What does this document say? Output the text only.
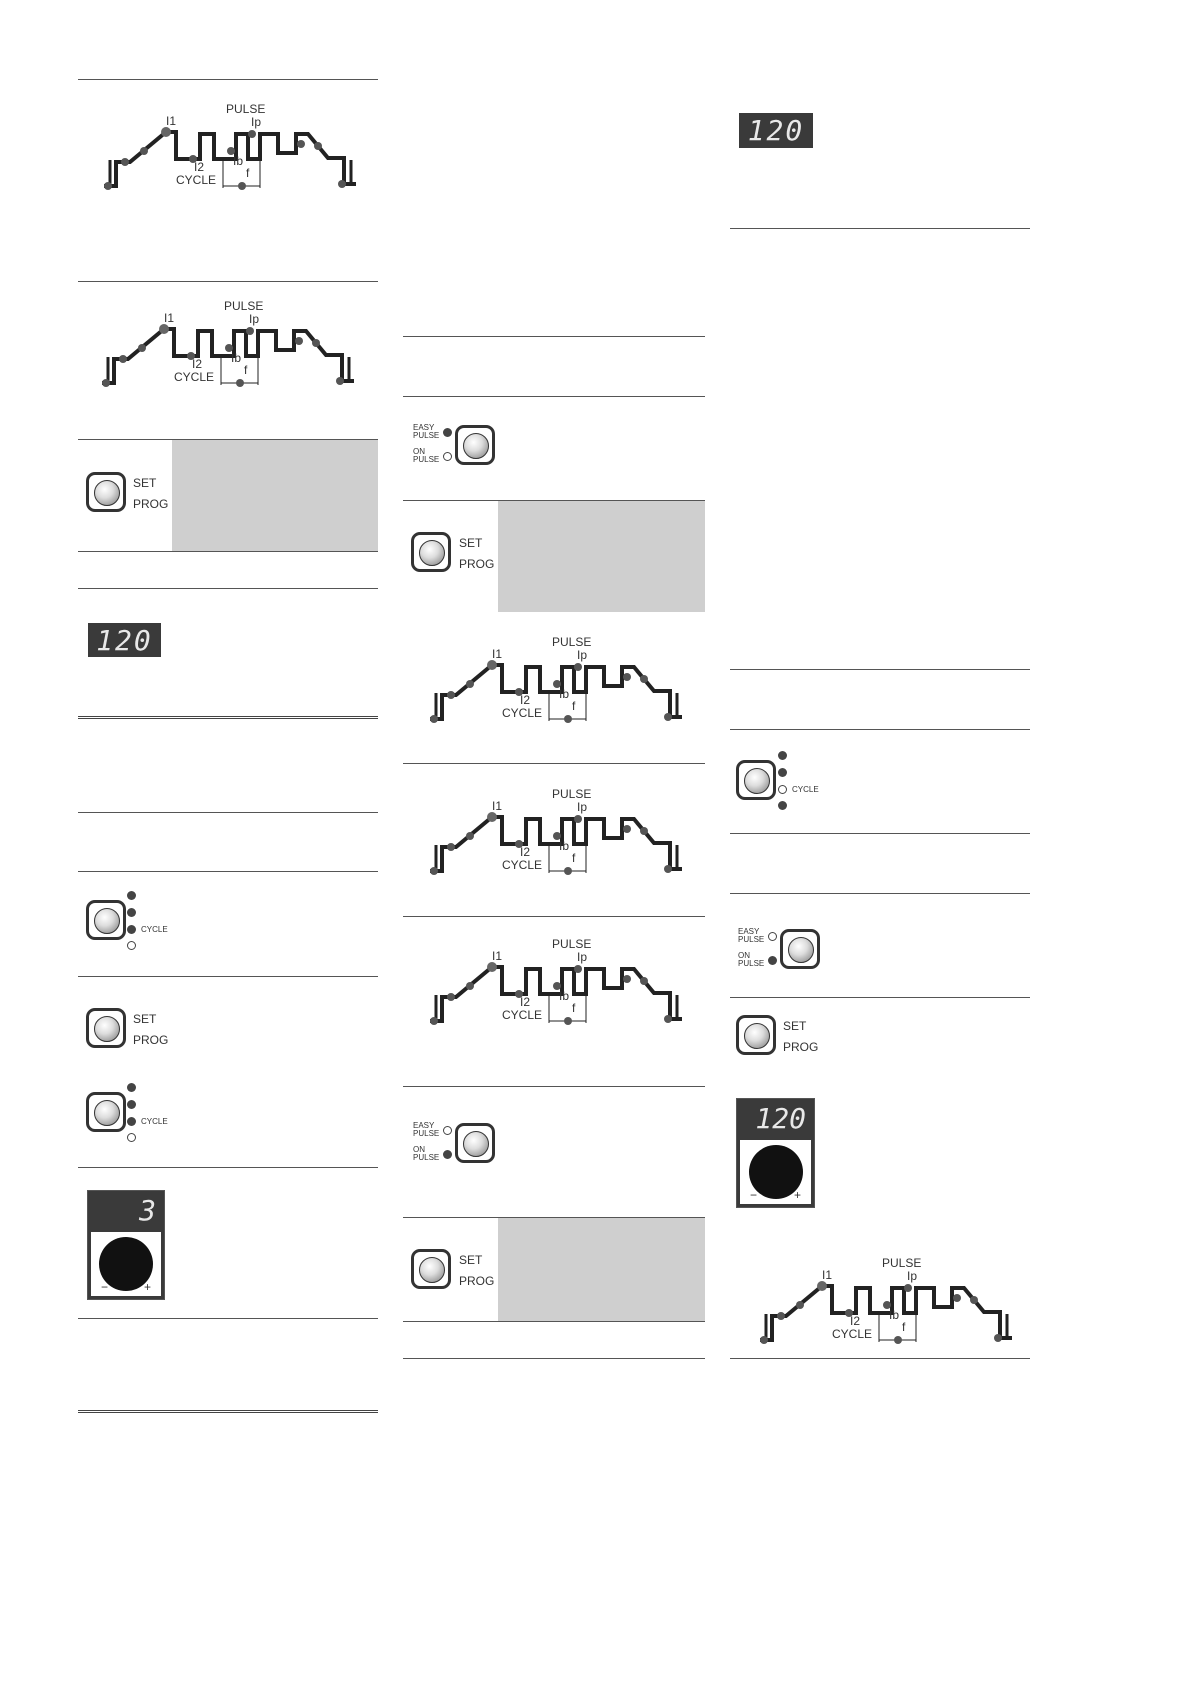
PULSE
Ip
I1
I2 Ib
f
CYCLE
PULSE
Ip
I1
I2 Ib
f
CYCLE
PULSE
Ip
I1
I2 Ib
f
CYCLE
PULSE
Ip
I1
I2 Ib
f
CYCLE
PULSE
Ip
I1
I2 Ib
f
CYCLE
PULSE
Ip
I1
I2 Ib
f
CYCLE
SET
PROG
SET
PROG
SET
PROG
SET
PROG
SET
PROG
120
120
3
−	+
120
−	+
CYCLE
CYCLE
CYCLE
EASY PULSE
ON PULSE
EASY PULSE
ON PULSE
EASY PULSE
ON PULSE
